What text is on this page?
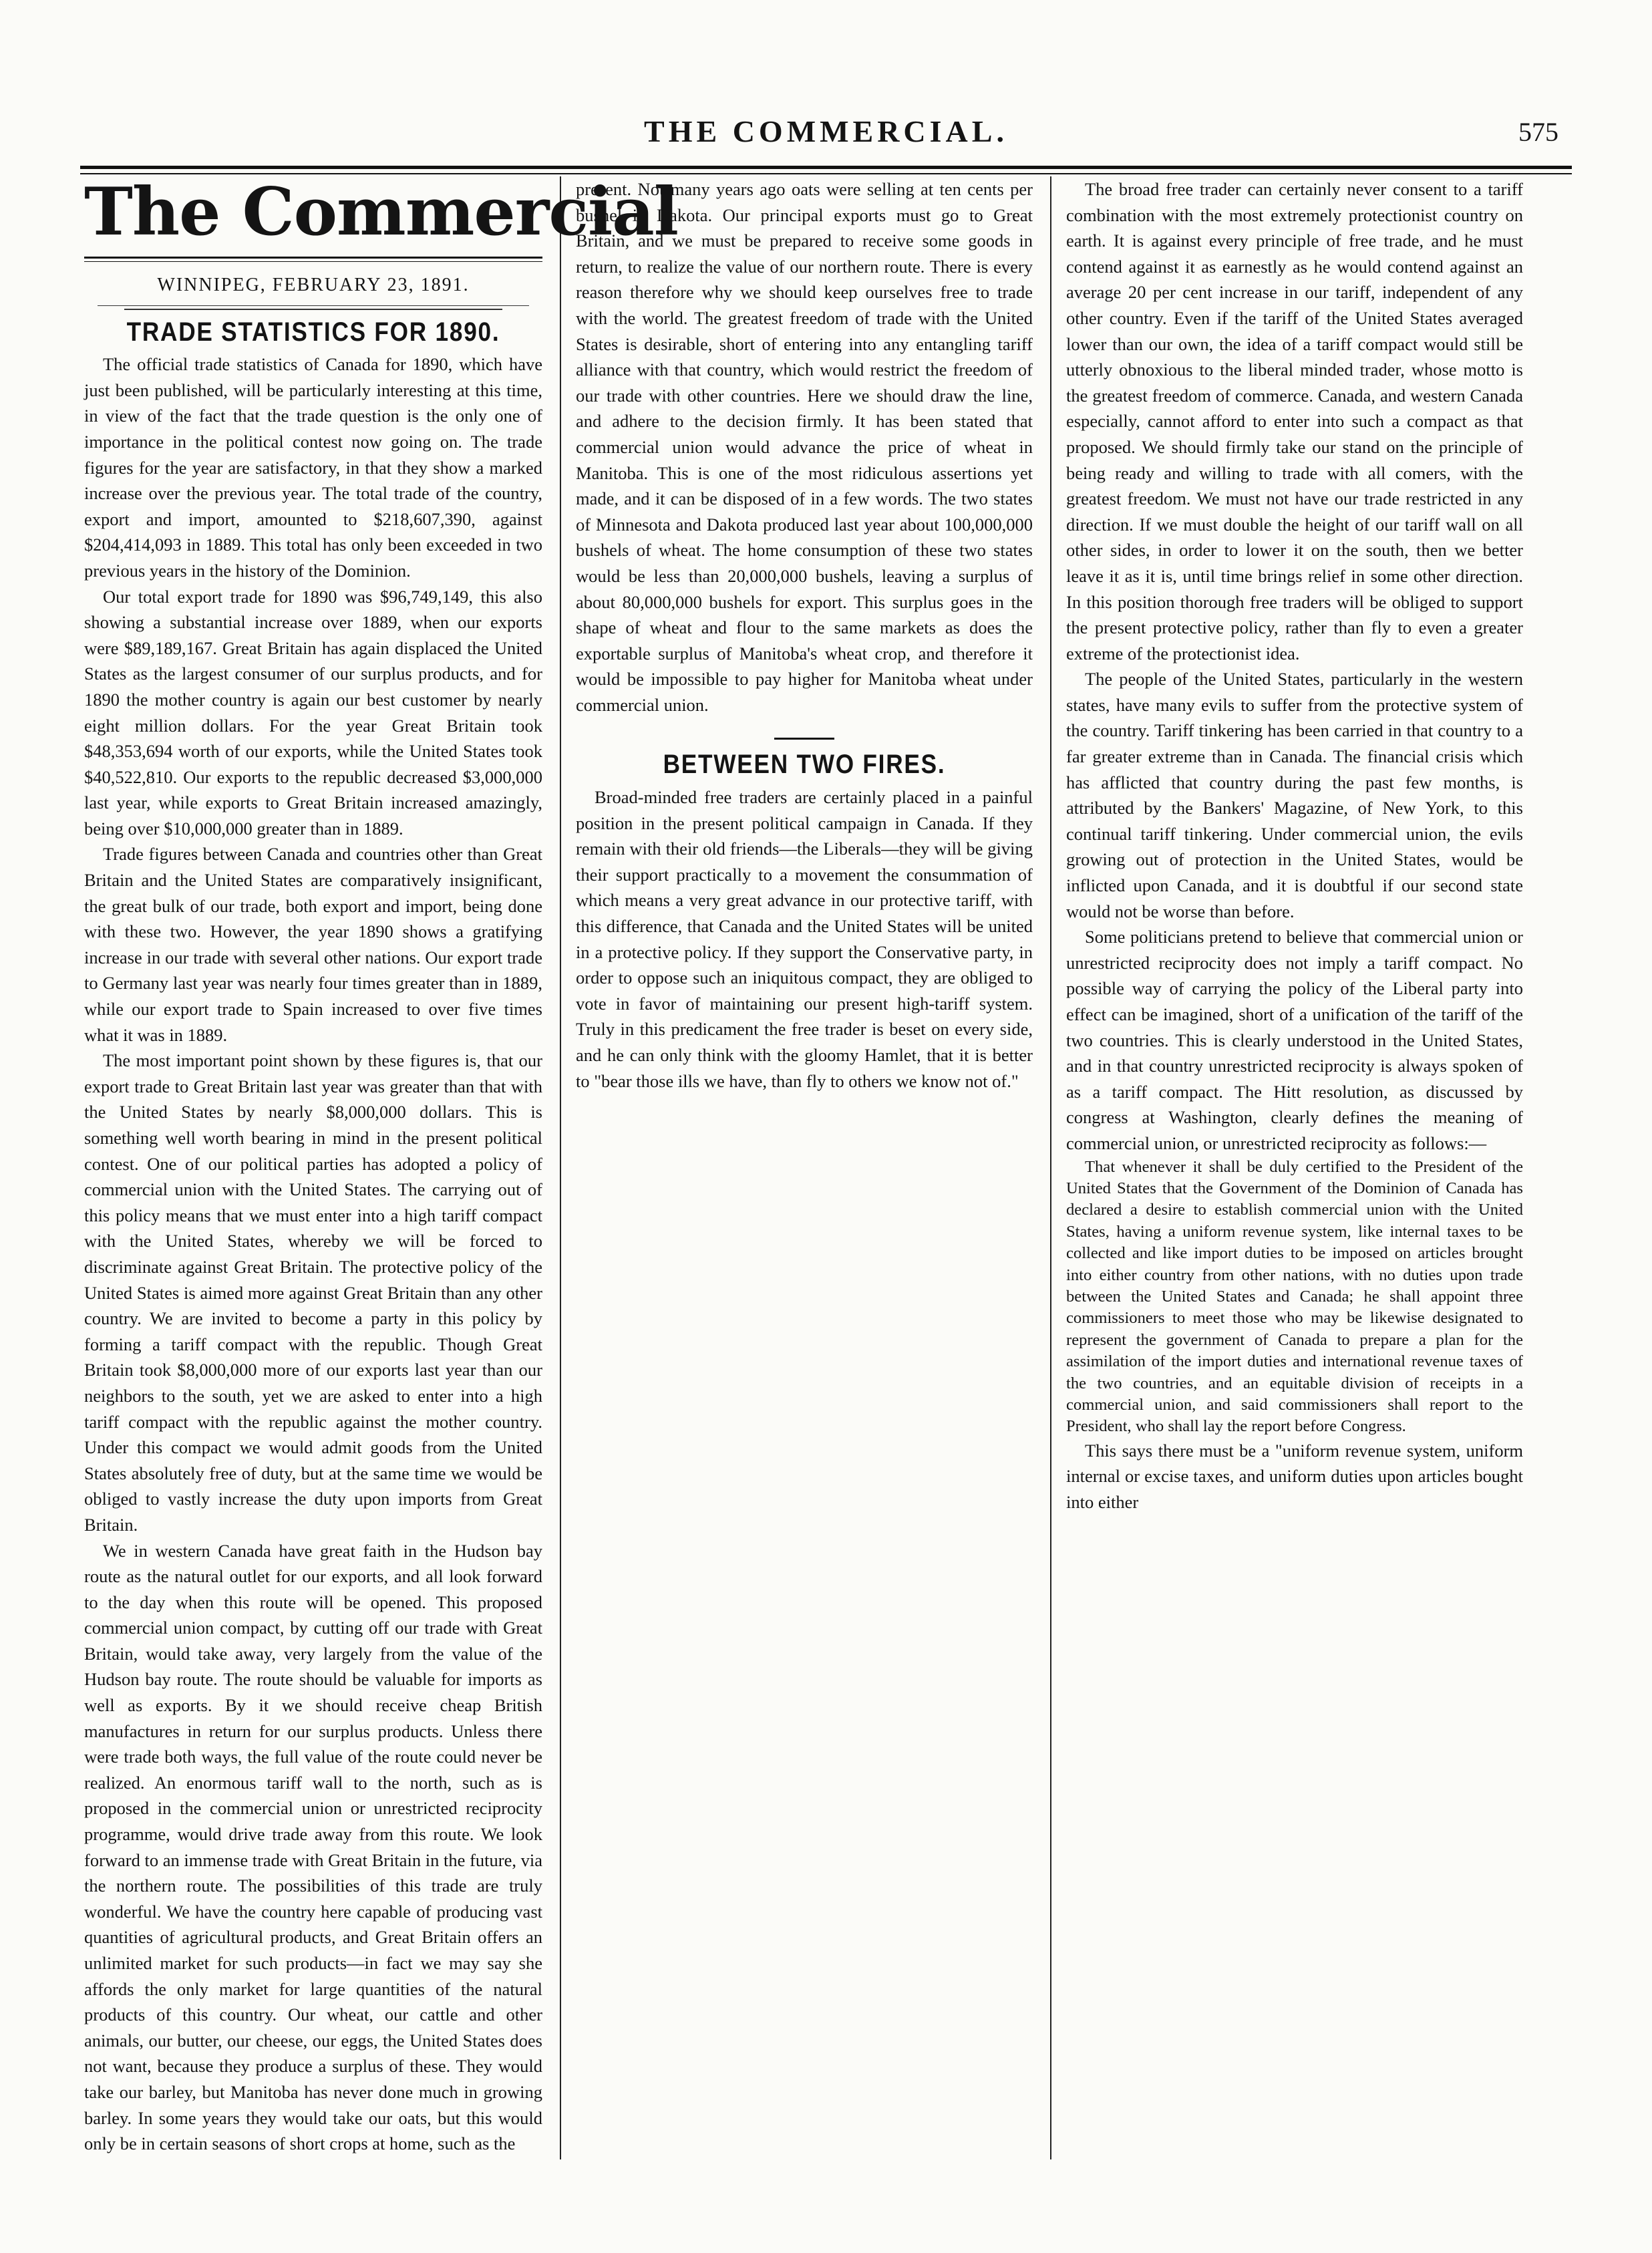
THE COMMERCIAL.	575
The Commercial
WINNIPEG, FEBRUARY 23, 1891.
TRADE STATISTICS FOR 1890.

The official trade statistics of Canada for 1890, which have just been published, will be particularly interesting at this time, in view of the fact that the trade question is the only one of importance in the political contest now going on. The trade figures for the year are satisfactory, in that they show a marked increase over the previous year. The total trade of the country, export and import, amounted to $218,607,390, against $204,414,093 in 1889. This total has only been exceeded in two previous years in the history of the Dominion.

Our total export trade for 1890 was $96,749,149, this also showing a substantial increase over 1889, when our exports were $89,189,167. Great Britain has again displaced the United States as the largest consumer of our surplus products, and for 1890 the mother country is again our best customer by nearly eight million dollars. For the year Great Britain took $48,353,694 worth of our exports, while the United States took $40,522,810. Our exports to the republic decreased $3,000,000 last year, while exports to Great Britain increased amazingly, being over $10,000,000 greater than in 1889.

Trade figures between Canada and countries other than Great Britain and the United States are comparatively insignificant, the great bulk of our trade, both export and import, being done with these two. However, the year 1890 shows a gratifying increase in our trade with several other nations. Our export trade to Germany last year was nearly four times greater than in 1889, while our export trade to Spain increased to over five times what it was in 1889.

The most important point shown by these figures is, that our export trade to Great Britain last year was greater than that with the United States by nearly $8,000,000 dollars. This is something well worth bearing in mind in the present political contest. One of our political parties has adopted a policy of commercial union with the United States. The carrying out of this policy means that we must enter into a high tariff compact with the United States, whereby we will be forced to discriminate against Great Britain. The protective policy of the United States is aimed more against Great Britain than any other country. We are invited to become a party in this policy by forming a tariff compact with the republic. Though Great Britain took $8,000,000 more of our exports last year than our neighbors to the south, yet we are asked to enter into a high tariff compact with the republic against the mother country. Under this compact we would admit goods from the United States absolutely free of duty, but at the same time we would be obliged to vastly increase the duty upon imports from Great Britain.

We in western Canada have great faith in the Hudson bay route as the natural outlet for our exports, and all look forward to the day when this route will be opened. This proposed commercial union compact, by cutting off our trade with Great Britain, would take away, very largely from the value of the Hudson bay route. The route should be valuable for imports as well as exports. By it we should receive cheap British manufactures in return for our surplus products. Unless there were trade both ways, the full value of the route could never be realized. An enormous tariff wall to the north, such as is proposed in the commercial union or unrestricted reciprocity programme, would drive trade away from this route. We look forward to an immense trade with Great Britain in the future, via the northern route. The possibilities of this trade are truly wonderful. We have the country here capable of producing vast quantities of agricultural products, and Great Britain offers an unlimited market for such products—in fact we may say she affords the only market for large quantities of the natural products of this country. Our wheat, our cattle and other animals, our butter, our cheese, our eggs, the United States does not want, because they produce a surplus of these. They would take our barley, but Manitoba has never done much in growing barley. In some years they would take our oats, but this would only be in certain seasons of short crops at home, such as the

present. Not many years ago oats were selling at ten cents per bushel in Dakota. Our principal exports must go to Great Britain, and we must be prepared to receive some goods in return, to realize the value of our northern route. There is every reason therefore why we should keep ourselves free to trade with the world. The greatest freedom of trade with the United States is desirable, short of entering into any entangling tariff alliance with that country, which would restrict the freedom of our trade with other countries. Here we should draw the line, and adhere to the decision firmly. It has been stated that commercial union would advance the price of wheat in Manitoba. This is one of the most ridiculous assertions yet made, and it can be disposed of in a few words. The two states of Minnesota and Dakota produced last year about 100,000,000 bushels of wheat. The home consumption of these two states would be less than 20,000,000 bushels, leaving a surplus of about 80,000,000 bushels for export. This surplus goes in the shape of wheat and flour to the same markets as does the exportable surplus of Manitoba's wheat crop, and therefore it would be impossible to pay higher for Manitoba wheat under commercial union.

BETWEEN TWO FIRES.

Broad-minded free traders are certainly placed in a painful position in the present political campaign in Canada. If they remain with their old friends—the Liberals—they will be giving their support practically to a movement the consummation of which means a very great advance in our protective tariff, with this difference, that Canada and the United States will be united in a protective policy. If they support the Conservative party, in order to oppose such an iniquitous compact, they are obliged to vote in favor of maintaining our present high-tariff system. Truly in this predicament the free trader is beset on every side, and he can only think with the gloomy Hamlet, that it is better to "bear those ills we have, than fly to others we know not of."

The broad free trader can certainly never consent to a tariff combination with the most extremely protectionist country on earth. It is against every principle of free trade, and he must contend against it as earnestly as he would contend against an average 20 per cent increase in our tariff, independent of any other country. Even if the tariff of the United States averaged lower than our own, the idea of a tariff compact would still be utterly obnoxious to the liberal minded trader, whose motto is the greatest freedom of commerce. Canada, and western Canada especially, cannot afford to enter into such a compact as that proposed. We should firmly take our stand on the principle of being ready and willing to trade with all comers, with the greatest freedom. We must not have our trade restricted in any direction. If we must double the height of our tariff wall on all other sides, in order to lower it on the south, then we better leave it as it is, until time brings relief in some other direction. In this position thorough free traders will be obliged to support the present protective policy, rather than fly to even a greater extreme of the protectionist idea.

The people of the United States, particularly in the western states, have many evils to suffer from the protective system of the country. Tariff tinkering has been carried in that country to a far greater extreme than in Canada. The financial crisis which has afflicted that country during the past few months, is attributed by the Bankers' Magazine, of New York, to this continual tariff tinkering. Under commercial union, the evils growing out of protection in the United States, would be inflicted upon Canada, and it is doubtful if our second state would not be worse than before.

Some politicians pretend to believe that commercial union or unrestricted reciprocity does not imply a tariff compact. No possible way of carrying the policy of the Liberal party into effect can be imagined, short of a unification of the tariff of the two countries. This is clearly understood in the United States, and in that country unrestricted reciprocity is always spoken of as a tariff compact. The Hitt resolution, as discussed by congress at Washington, clearly defines the meaning of commercial union, or unrestricted reciprocity as follows:—

That whenever it shall be duly certified to the President of the United States that the Government of the Dominion of Canada has declared a desire to establish commercial union with the United States, having a uniform revenue system, like internal taxes to be collected and like import duties to be imposed on articles brought into either country from other nations, with no duties upon trade between the United States and Canada; he shall appoint three commissioners to meet those who may be likewise designated to represent the government of Canada to prepare a plan for the assimilation of the import duties and international revenue taxes of the two countries, and an equitable division of receipts in a commercial union, and said commissioners shall report to the President, who shall lay the report before Congress.

This says there must be a "uniform revenue system, uniform internal or excise taxes, and uniform duties upon articles bought into either
